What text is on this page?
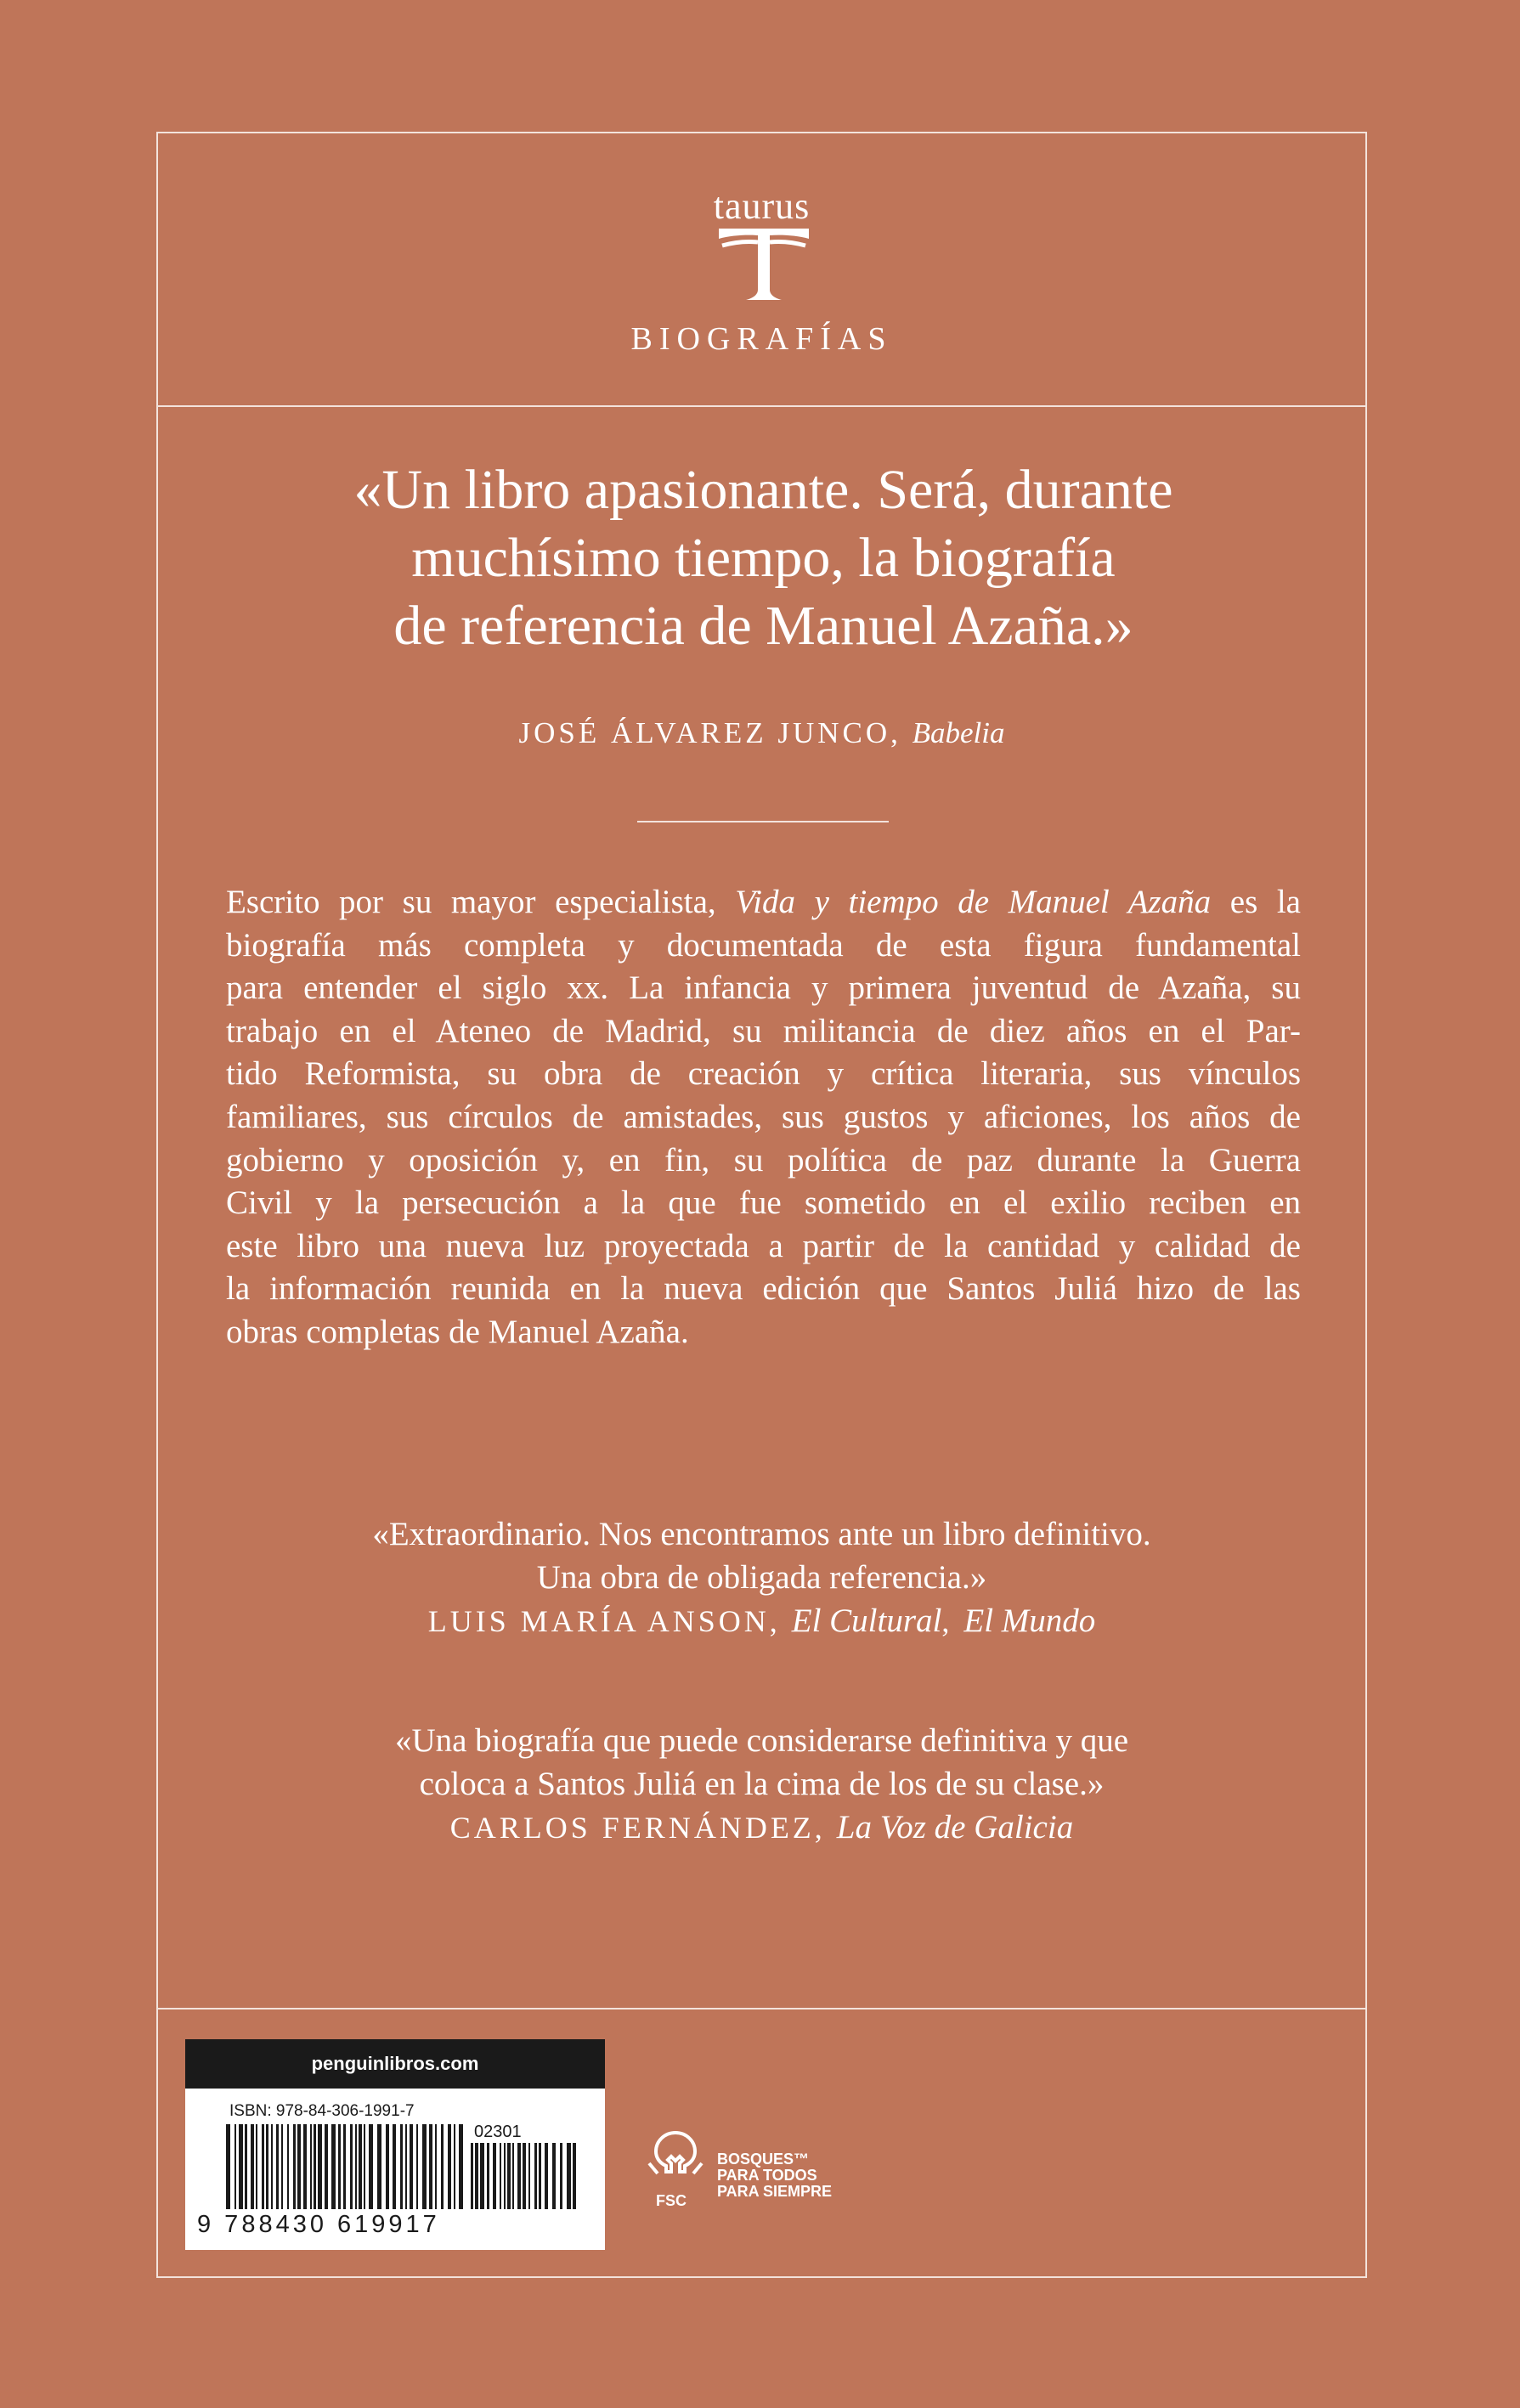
taurus
BIOGRAFÍAS

«Un libro apasionante. Será, durante

muchísimo tiempo, la biografía

de referencia de Manuel Azaña.»

JOSÉ ÁLVAREZ JUNCO, Babelia
Escrito por su mayor especialista, Vida y tiempo de Manuel Azaña es la
biografía más completa y documentada de esta figura fundamental
para entender el siglo xx. La infancia y primera juventud de Azaña, su
trabajo en el Ateneo de Madrid, su militancia de diez años en el Par-
tido Reformista, su obra de creación y crítica literaria, sus vínculos
familiares, sus círculos de amistades, sus gustos y aficiones, los años de
gobierno y oposición y, en fin, su política de paz durante la Guerra
Civil y la persecución a la que fue sometido en el exilio reciben en
este libro una nueva luz proyectada a partir de la cantidad y calidad de
la información reunida en la nueva edición que Santos Juliá hizo de las
obras completas de Manuel Azaña.

«Extraordinario. Nos encontramos ante un libro definitivo.

Una obra de obligada referencia.»

LUIS MARÍA ANSON, El Cultural, El Mundo

«Una biografía que puede considerarse definitiva y que

coloca a Santos Juliá en la cima de los de su clase.»

CARLOS FERNÁNDEZ, La Voz de Galicia

penguinlibros.com
ISBN: 978-84-306-1991-7
02301
9 788430 619917
FSC
BOSQUES™
PARA TODOS
PARA SIEMPRE
